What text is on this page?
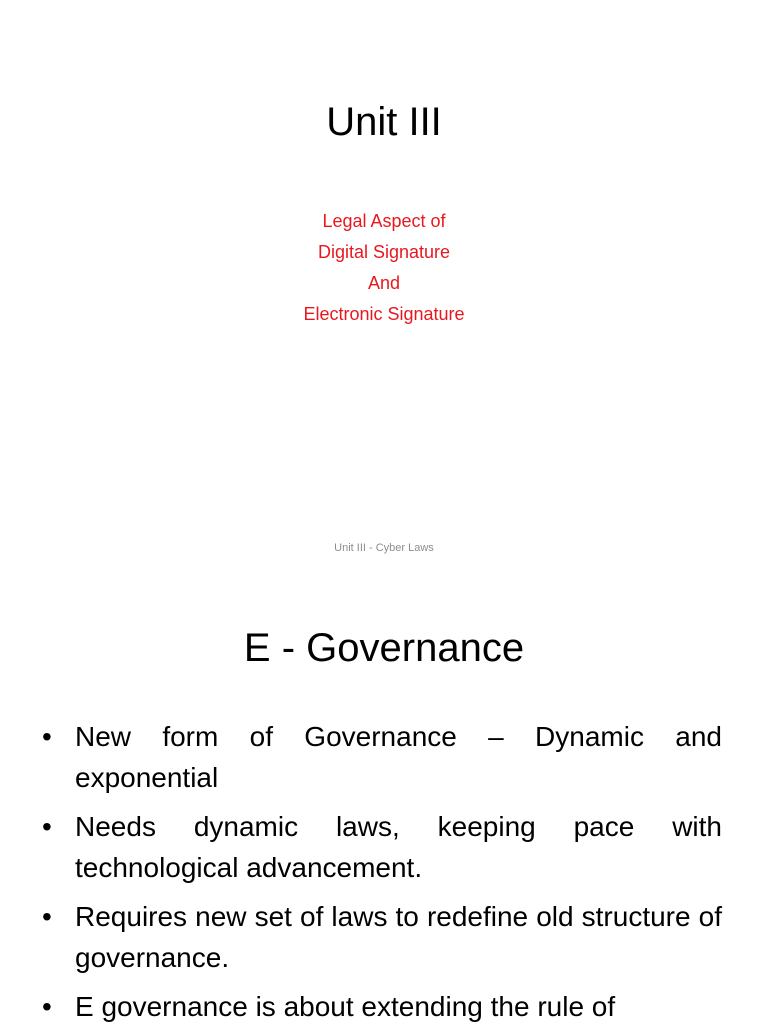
Unit III
Legal Aspect of
Digital Signature
And
Electronic Signature
Unit III - Cyber Laws
E - Governance
• New form of Governance – Dynamic and exponential
• Needs dynamic laws, keeping pace with technological advancement.
• Requires new set of laws to redefine old structure of governance.
• E governance is about extending the rule of
